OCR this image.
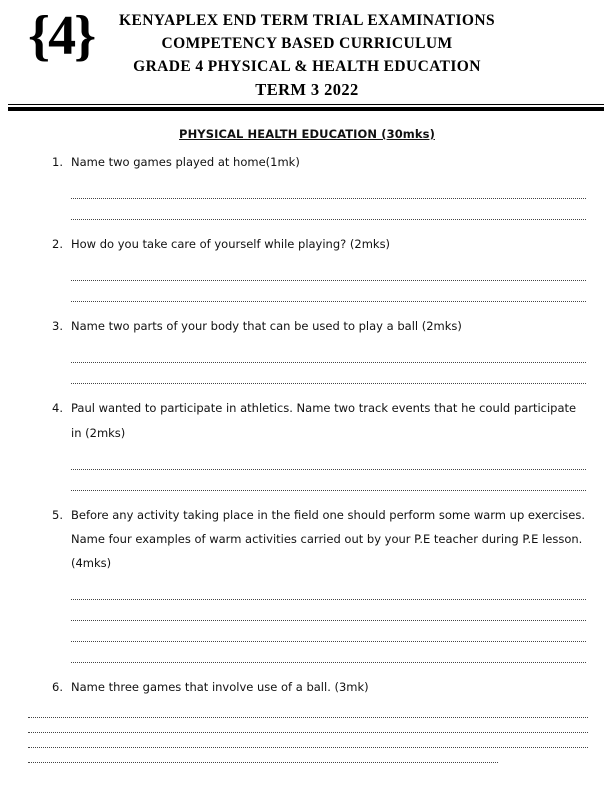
{4}	KENYAPLEX END TERM TRIAL EXAMINATIONS
COMPETENCY BASED CURRICULUM
GRADE 4 PHYSICAL & HEALTH EDUCATION
TERM 3 2022
PHYSICAL HEALTH EDUCATION (30mks)
1. Name two games played at home(1mk)
2. How do you take care of yourself while playing? (2mks)
3. Name two parts of your body that can be used to play a ball (2mks)
4. Paul wanted to participate in athletics. Name two track events that he could participate in (2mks)
5. Before any activity taking place in the field one should perform some warm up exercises. Name four examples of warm activities carried out by your P.E teacher during P.E lesson. (4mks)
6. Name three games that involve use of a ball. (3mk)
